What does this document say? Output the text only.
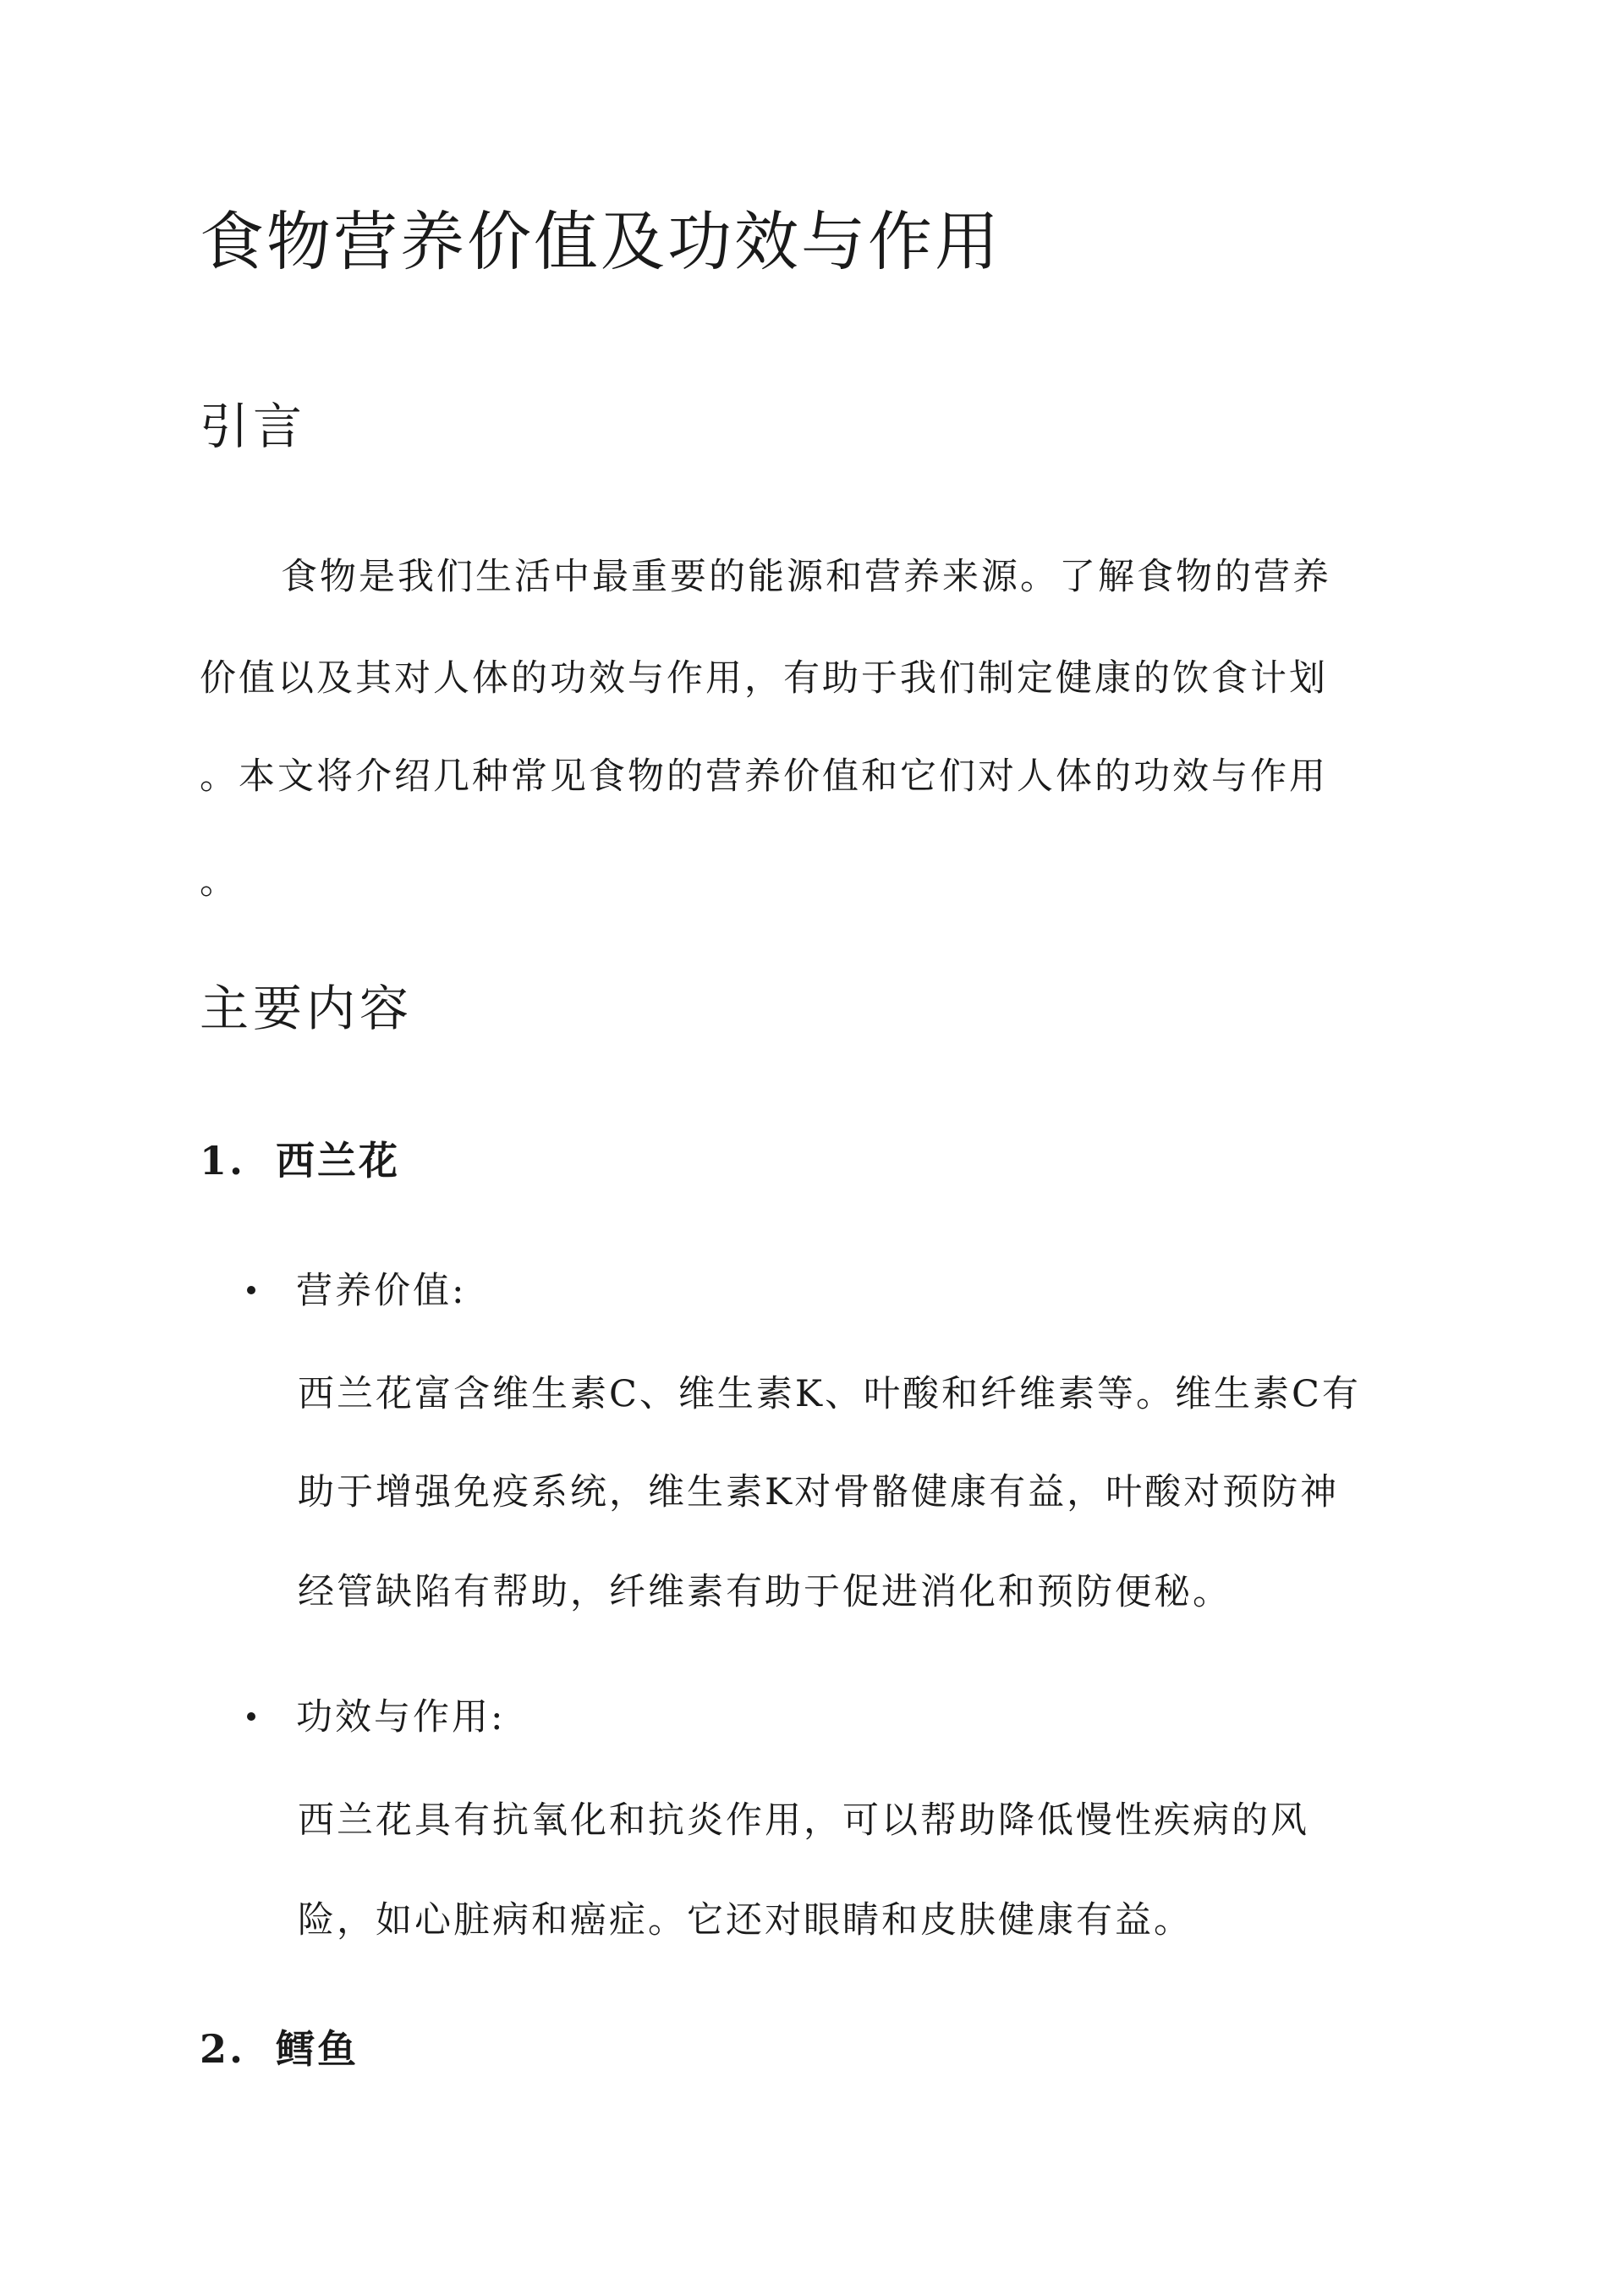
食物营养价值及功效与作用
引言

食物是我们生活中最重要的能源和营养来源。了解食物的营养

价值以及其对人体的功效与作用，有助于我们制定健康的饮食计划

。本文将介绍几种常见食物的营养价值和它们对人体的功效与作用

。

主要内容
1. 西兰花
营养价值:

西兰花富含维生素C、维生素K、叶酸和纤维素等。维生素C有

助于增强免疫系统，维生素K对骨骼健康有益，叶酸对预防神

经管缺陷有帮助，纤维素有助于促进消化和预防便秘。

功效与作用:

西兰花具有抗氧化和抗炎作用，可以帮助降低慢性疾病的风

险，如心脏病和癌症。它还对眼睛和皮肤健康有益。

2. 鳕鱼
